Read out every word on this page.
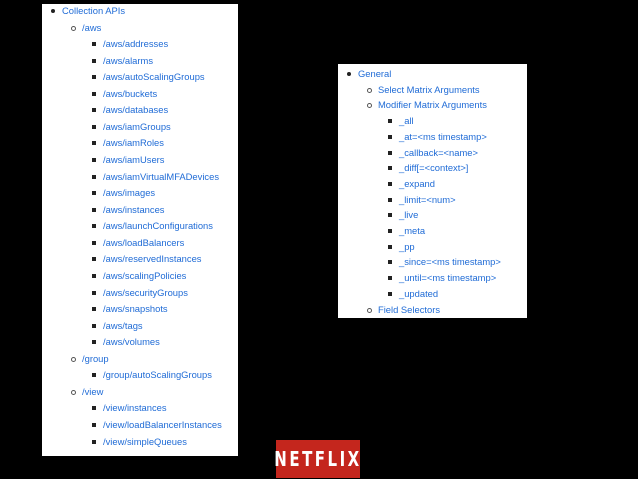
Collection APIs
/aws
/aws/addresses
/aws/alarms
/aws/autoScalingGroups
/aws/buckets
/aws/databases
/aws/iamGroups
/aws/iamRoles
/aws/iamUsers
/aws/iamVirtualMFADevices
/aws/images
/aws/instances
/aws/launchConfigurations
/aws/loadBalancers
/aws/reservedInstances
/aws/scalingPolicies
/aws/securityGroups
/aws/snapshots
/aws/tags
/aws/volumes
/group
/group/autoScalingGroups
/view
/view/instances
/view/loadBalancerInstances
/view/simpleQueues
General
Select Matrix Arguments
Modifier Matrix Arguments
_all
_at=<ms timestamp>
_callback=<name>
_diff[=<context>]
_expand
_limit=<num>
_live
_meta
_pp
_since=<ms timestamp>
_until=<ms timestamp>
_updated
Field Selectors
NETFLIX
